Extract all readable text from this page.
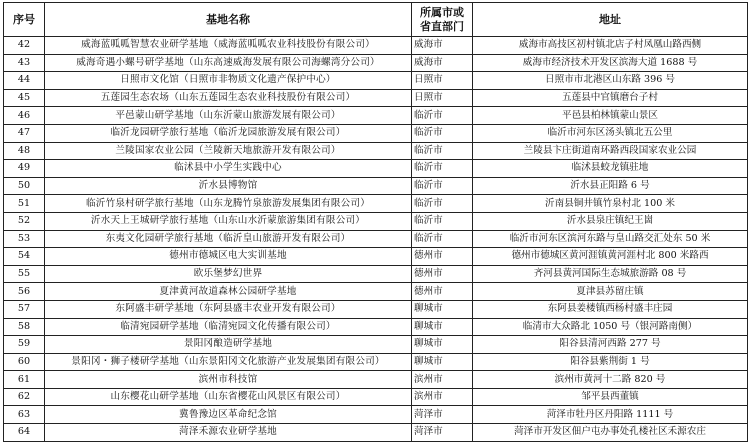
序号	基地名称	所属市或
省直部门	地址
42	威海蓝呱呱智慧农业研学基地（威海蓝呱呱农业科技股份有限公司）	威海市	威海市高技区初村镇北店子村凤凰山路西侧
43	威海奇遇小螺号研学基地（山东高速威海发展有限公司海螺湾分公司）	威海市	威海市经济技术开发区滨海大道 1688 号
44	日照市文化馆（日照市非物质文化遗产保护中心）	日照市	日照市市北港区山东路 396 号
45	五莲园生态农场（山东五莲园生态农业科技股份有限公司）	日照市	五莲县中官镇磨台子村
46	平邑蒙山研学基地（山东沂蒙山旅游发展有限公司）	临沂市	平邑县柏林镇蒙山景区
47	临沂龙园研学旅行基地（临沂龙园旅游发展有限公司）	临沂市	临沂市河东区汤头镇北五公里
48	兰陵国家农业公园（兰陵新天地旅游开发有限公司）	临沂市	兰陵县卞庄街道南环路西段国家农业公园
49	临沭县中小学生实践中心	临沂市	临沭县蛟龙镇驻地
50	沂水县博物馆	临沂市	沂水县正阳路 6 号
51	临沂竹泉村研学旅行基地（山东龙腾竹泉旅游发展集团有限公司）	临沂市	沂南县铜井镇竹泉村北 100 米
52	沂水天上王城研学旅行基地（山东山水沂蒙旅游集团有限公司）	临沂市	沂水县泉庄镇纪王崮
53	东夷文化园研学旅行基地（临沂皇山旅游开发有限公司）	临沂市	临沂市河东区滨河东路与皇山路交汇处东 50 米
54	德州市德城区电大实训基地	德州市	德州市德城区黄河涯镇黄河涯村北 800 米路西
55	欧乐堡梦幻世界	德州市	齐河县黄河国际生态城旅游路 08 号
56	夏津黄河故道森林公园研学基地	德州市	夏津县苏留庄镇
57	东阿盛丰研学基地（东阿县盛丰农业开发有限公司）	聊城市	东阿县姜楼镇西杨村盛丰庄园
58	临清宛园研学基地（临清宛园文化传播有限公司）	聊城市	临清市大众路北 1050 号（银河路南侧）
59	景阳冈酿造研学基地	聊城市	阳谷县清河西路 277 号
60	景阳冈・狮子楼研学基地（山东景阳冈文化旅游产业发展集团有限公司）	聊城市	阳谷县紫荆街 1 号
61	滨州市科技馆	滨州市	滨州市黄河十二路 820 号
62	山东樱花山研学基地（山东省樱花山风景区有限公司）	滨州市	邹平县西董镇
63	冀鲁豫边区革命纪念馆	菏泽市	菏泽市牡丹区丹阳路 1111 号
64	菏泽禾源农业研学基地	菏泽市	菏泽市开发区佃户屯办事处孔楼社区禾源农庄
